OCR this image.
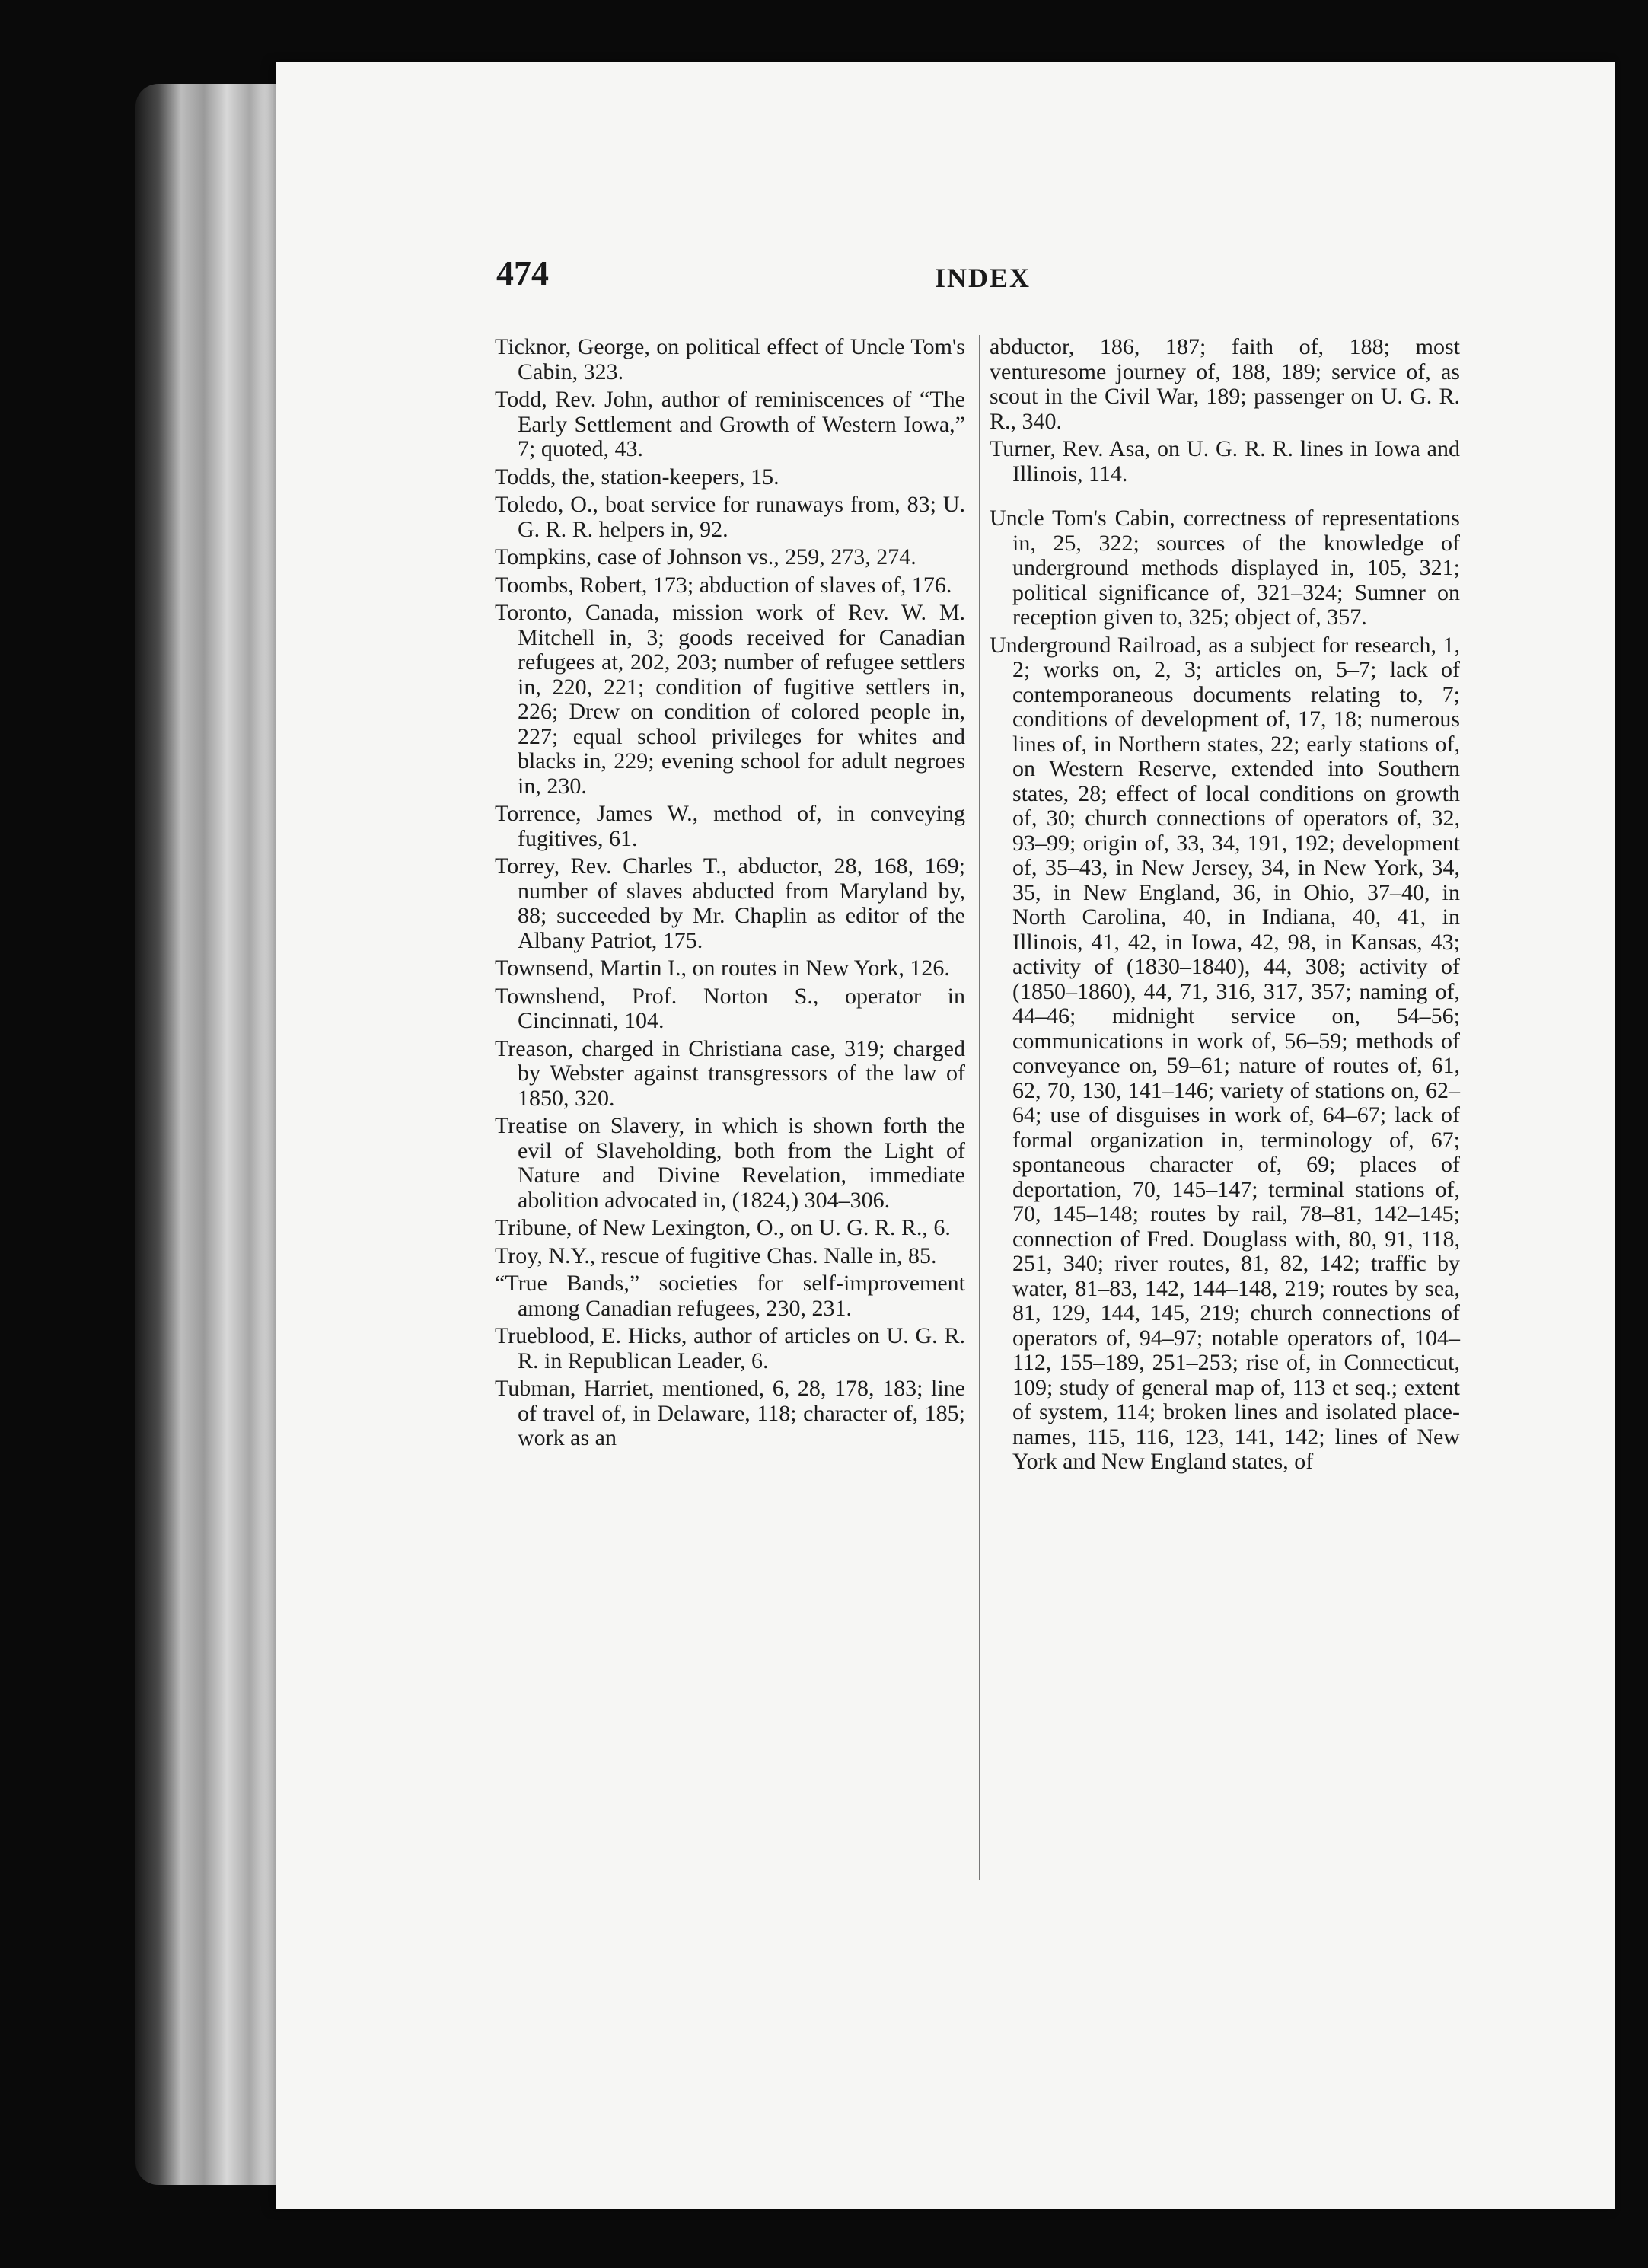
474	INDEX

Ticknor, George, on political effect of Uncle Tom's Cabin, 323.

Todd, Rev. John, author of reminiscences of “The Early Settlement and Growth of Western Iowa,” 7; quoted, 43.

Todds, the, station-keepers, 15.

Toledo, O., boat service for runaways from, 83; U. G. R. R. helpers in, 92.

Tompkins, case of Johnson vs., 259, 273, 274.

Toombs, Robert, 173; abduction of slaves of, 176.

Toronto, Canada, mission work of Rev. W. M. Mitchell in, 3; goods received for Canadian refugees at, 202, 203; number of refugee settlers in, 220, 221; condition of fugitive settlers in, 226; Drew on condition of colored people in, 227; equal school privileges for whites and blacks in, 229; evening school for adult negroes in, 230.

Torrence, James W., method of, in conveying fugitives, 61.

Torrey, Rev. Charles T., abductor, 28, 168, 169; number of slaves abducted from Maryland by, 88; succeeded by Mr. Chaplin as editor of the Albany Patriot, 175.

Townsend, Martin I., on routes in New York, 126.

Townshend, Prof. Norton S., operator in Cincinnati, 104.

Treason, charged in Christiana case, 319; charged by Webster against transgressors of the law of 1850, 320.

Treatise on Slavery, in which is shown forth the evil of Slaveholding, both from the Light of Nature and Divine Revelation, immediate abolition advocated in, (1824,) 304–306.

Tribune, of New Lexington, O., on U. G. R. R., 6.

Troy, N.Y., rescue of fugitive Chas. Nalle in, 85.

“True Bands,” societies for self-improvement among Canadian refugees, 230, 231.

Trueblood, E. Hicks, author of articles on U. G. R. R. in Republican Leader, 6.

Tubman, Harriet, mentioned, 6, 28, 178, 183; line of travel of, in Delaware, 118; character of, 185; work as an

abductor, 186, 187; faith of, 188; most venturesome journey of, 188, 189; service of, as scout in the Civil War, 189; passenger on U. G. R. R., 340.

Turner, Rev. Asa, on U. G. R. R. lines in Iowa and Illinois, 114.

Uncle Tom's Cabin, correctness of representations in, 25, 322; sources of the knowledge of underground methods displayed in, 105, 321; political significance of, 321–324; Sumner on reception given to, 325; object of, 357.

Underground Railroad, as a subject for research, 1, 2; works on, 2, 3; articles on, 5–7; lack of contemporaneous documents relating to, 7; conditions of development of, 17, 18; numerous lines of, in Northern states, 22; early stations of, on Western Reserve, extended into Southern states, 28; effect of local conditions on growth of, 30; church connections of operators of, 32, 93–99; origin of, 33, 34, 191, 192; development of, 35–43, in New Jersey, 34, in New York, 34, 35, in New England, 36, in Ohio, 37–40, in North Carolina, 40, in Indiana, 40, 41, in Illinois, 41, 42, in Iowa, 42, 98, in Kansas, 43; activity of (1830–1840), 44, 308; activity of (1850–1860), 44, 71, 316, 317, 357; naming of, 44–46; midnight service on, 54–56; communications in work of, 56–59; methods of conveyance on, 59–61; nature of routes of, 61, 62, 70, 130, 141–146; variety of stations on, 62–64; use of disguises in work of, 64–67; lack of formal organization in, terminology of, 67; spontaneous character of, 69; places of deportation, 70, 145–147; terminal stations of, 70, 145–148; routes by rail, 78–81, 142–145; connection of Fred. Douglass with, 80, 91, 118, 251, 340; river routes, 81, 82, 142; traffic by water, 81–83, 142, 144–148, 219; routes by sea, 81, 129, 144, 145, 219; church connections of operators of, 94–97; notable operators of, 104–112, 155–189, 251–253; rise of, in Connecticut, 109; study of general map of, 113 et seq.; extent of system, 114; broken lines and isolated place-names, 115, 116, 123, 141, 142; lines of New York and New England states, of
